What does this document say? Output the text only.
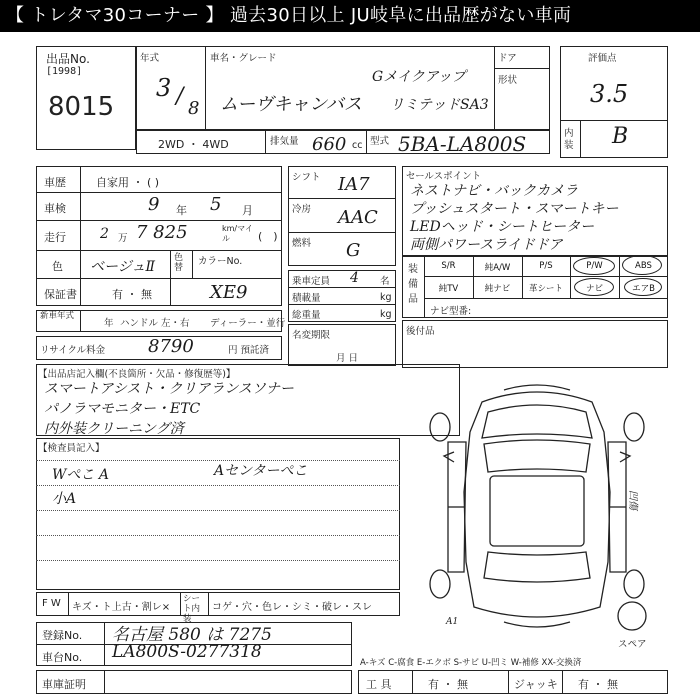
【 トレタマ30コーナー 】 過去30日以上 JU岐阜に出品歴がない車両
出品No.
[1998]
8015
年式	車名・グレード	ドア
形状
3 / 8
Gメイクアップ
ムーヴキャンバス リミテッドSA3
評価点
3.5
内装 B
2WD ・ 4WD	排気量 660 cc 型式 5BA-LA800S
車歴	自家用 ・ ( )
車検	9 年 5 月
走行 2 万 7 825	km/マイル	(　)
色 ベージュⅡ
色替
カラーNo.
XE9
保証書	有 ・ 無
新車年式
年 ハンドル 左・右 ディーラー・並行
リサイクル料金 8790	円 預託済
シフト IA7
冷房 AAC
燃料 G
乗車定員 4 名
積載量	kg
総重量	kg
名変期限
月 日
セールスポイント
ネストナビ・バックカメラ
プッシュスタート・スマートキー
LEDヘッド・シートヒーター
両側パワースライドドア
装備品
S/R	純A/W	P/S	P/W	ABS
純TV	純ナビ	革シート	ナビ	エアB
ナビ型番:
後付品
【出品店記入欄(不良箇所・欠品・修復歴等)】
スマートアシスト・クリアランスソナー
パノラマモニター・ETC
内外装クリーニング済
【検査員記入】
Wぺこ A	Aセンターぺこ
小A	凹傷
A1
スペア
F W キズ・ト上古・割レ×
シート内装
コゲ・穴・色レ・シミ・破レ・スレ
登録No. 名古屋 580 は 7275
車台No. LA800S-0277318
A-キズ C-腐食 E-エクボ S-サビ U-凹ミ W-補修 XX-交換済
車庫証明	工 具	有 ・ 無	ジャッキ 有 ・ 無
